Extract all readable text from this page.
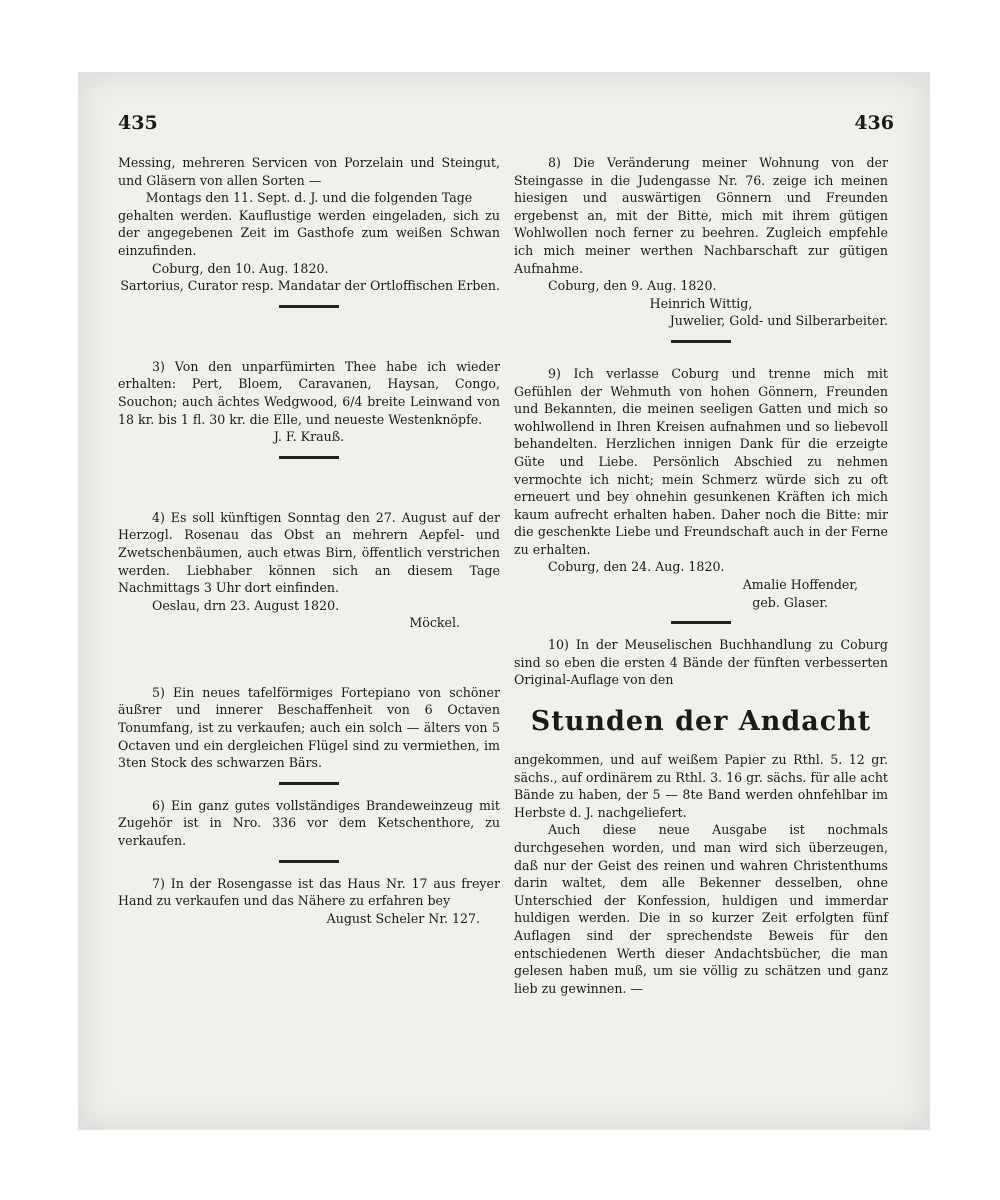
435	436

Messing, mehreren Servicen von Porzelain und Steingut, und Gläsern von allen Sorten —

Montags den 11. Sept. d. J. und die folgenden Tage

gehalten werden. Kauflustige werden eingeladen, sich zu der angegebenen Zeit im Gasthofe zum weißen Schwan einzufinden.

Coburg, den 10. Aug. 1820.

Sartorius, Curator resp. Mandatar der Ortloffischen Erben.

3) Von den unparfümirten Thee habe ich wieder erhalten: Pert, Bloem, Caravanen, Haysan, Congo, Souchon; auch ächtes Wedgwood, 6/4 breite Leinwand von 18 kr. bis 1 fl. 30 kr. die Elle, und neueste Westenknöpfe.

J. F. Krauß.

4) Es soll künftigen Sonntag den 27. August auf der Herzogl. Rosenau das Obst an mehrern Aepfel- und Zwetschenbäumen, auch etwas Birn, öffentlich verstrichen werden. Liebhaber können sich an diesem Tage Nachmittags 3 Uhr dort einfinden.

Oeslau, drn 23. August 1820.

Möckel.

5) Ein neues tafelförmiges Fortepiano von schöner äußrer und innerer Beschaffenheit von 6 Octaven Tonumfang, ist zu verkaufen; auch ein solch — älters von 5 Octaven und ein dergleichen Flügel sind zu vermiethen, im 3ten Stock des schwarzen Bärs.

6) Ein ganz gutes vollständiges Brandeweinzeug mit Zugehör ist in Nro. 336 vor dem Ketschenthore, zu verkaufen.

7) In der Rosengasse ist das Haus Nr. 17 aus freyer Hand zu verkaufen und das Nähere zu erfahren bey

August Scheler Nr. 127.

8) Die Veränderung meiner Wohnung von der Steingasse in die Judengasse Nr. 76. zeige ich meinen hiesigen und auswärtigen Gönnern und Freunden ergebenst an, mit der Bitte, mich mit ihrem gütigen Wohlwollen noch ferner zu beehren. Zugleich empfehle ich mich meiner werthen Nachbarschaft zur gütigen Aufnahme.

Coburg, den 9. Aug. 1820.

Heinrich Wittig,

Juwelier, Gold- und Silberarbeiter.

9) Ich verlasse Coburg und trenne mich mit Gefühlen der Wehmuth von hohen Gönnern, Freunden und Bekannten, die meinen seeligen Gatten und mich so wohlwollend in Ihren Kreisen aufnahmen und so liebevoll behandelten. Herzlichen innigen Dank für die erzeigte Güte und Liebe. Persönlich Abschied zu nehmen vermochte ich nicht; mein Schmerz würde sich zu oft erneuert und bey ohnehin gesunkenen Kräften ich mich kaum aufrecht erhalten haben. Daher noch die Bitte: mir die geschenkte Liebe und Freundschaft auch in der Ferne zu erhalten.

Coburg, den 24. Aug. 1820.

Amalie Hoffender,

geb. Glaser.

10) In der Meuselischen Buchhandlung zu Coburg sind so eben die ersten 4 Bände der fünften verbesserten Original-Auflage von den

Stunden der Andacht

angekommen, und auf weißem Papier zu Rthl. 5. 12 gr. sächs., auf ordinärem zu Rthl. 3. 16 gr. sächs. für alle acht Bände zu haben, der 5 — 8te Band werden ohnfehlbar im Herbste d. J. nachgeliefert.

Auch diese neue Ausgabe ist nochmals durchgesehen worden, und man wird sich überzeugen, daß nur der Geist des reinen und wahren Christenthums darin waltet, dem alle Bekenner desselben, ohne Unterschied der Konfession, huldigen und immerdar huldigen werden. Die in so kurzer Zeit erfolgten fünf Auflagen sind der sprechendste Beweis für den entschiedenen Werth dieser Andachtsbücher, die man gelesen haben muß, um sie völlig zu schätzen und ganz lieb zu gewinnen. —
